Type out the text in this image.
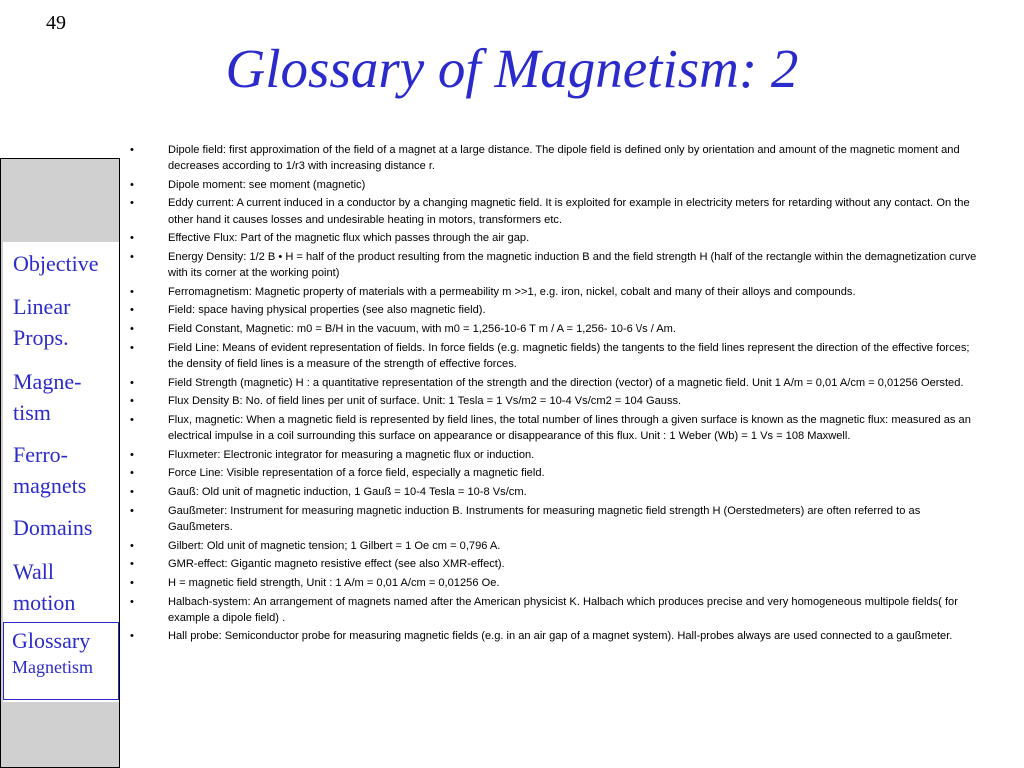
49
Glossary of Magnetism: 2
Objective
Linear
Props.
Magne-
tism
Ferro-
magnets
Domains
Wall
motion
Glossary
Magnetism
•	Dipole field: first approximation of the field of a magnet at a large distance. The dipole field is defined only by orientation and amount of the magnetic moment and decreases according to 1/r3 with increasing distance r.
•	Dipole moment: see moment (magnetic)
•	Eddy current: A current induced in a conductor by a changing magnetic field. It is exploited for example in electricity meters for retarding without any contact. On the other hand it causes losses and undesirable heating in motors, transformers etc.
•	Effective Flux: Part of the magnetic flux which passes through the air gap.
•	Energy Density: 1/2 B • H = half of the product resulting from the magnetic induction B and the field strength H (half of the rectangle within the demagnetization curve with its corner at the working point)
•	Ferromagnetism: Magnetic property of materials with a permeability m >>1, e.g. iron, nickel, cobalt and many of their alloys and compounds.
•	Field: space having physical properties (see also magnetic field).
•	Field Constant, Magnetic: m0 = B/H in the vacuum, with m0 = 1,256-10-6 T m / A = 1,256- 10-6 \/s / Am.
•	Field Line: Means of evident representation of fields. In force fields (e.g. magnetic fields) the tangents to the field lines represent the direction of the effective forces; the density of field lines is a measure of the strength of effective forces.
•	Field Strength (magnetic) H : a quantitative representation of the strength and the direction (vector) of a magnetic field. Unit 1 A/m = 0,01 A/cm = 0,01256 Oersted.
•	Flux Density B: No. of field lines per unit of surface. Unit: 1 Tesla = 1 Vs/m2 = 10-4 Vs/cm2 = 104 Gauss.
•	Flux, magnetic: When a magnetic field is represented by field lines, the total number of lines through a given surface is known as the magnetic flux: measured as an electrical impulse in a coil surrounding this surface on appearance or disappearance of this flux. Unit : 1 Weber (Wb) = 1 Vs = 108 Maxwell.
•	Fluxmeter: Electronic integrator for measuring a magnetic flux or induction.
•	Force Line: Visible representation of a force field, especially a magnetic field.
•	Gauß: Old unit of magnetic induction, 1 Gauß = 10-4 Tesla = 10-8 Vs/cm.
•	Gaußmeter: Instrument for measuring magnetic induction B. Instruments for measuring magnetic field strength H (Oerstedmeters) are often referred to as Gaußmeters.
•	Gilbert: Old unit of magnetic tension; 1 Gilbert = 1 Oe cm = 0,796 A.
•	GMR-effect: Gigantic magneto resistive effect (see also XMR-effect).
•	H = magnetic field strength, Unit : 1 A/m = 0,01 A/cm = 0,01256 Oe.
•	Halbach-system: An arrangement of magnets named after the American physicist K. Halbach which produces precise and very homogeneous multipole fields( for example a dipole field) .
•	Hall probe: Semiconductor probe for measuring magnetic fields (e.g. in an air gap of a magnet system). Hall-probes always are used connected to a gaußmeter.
